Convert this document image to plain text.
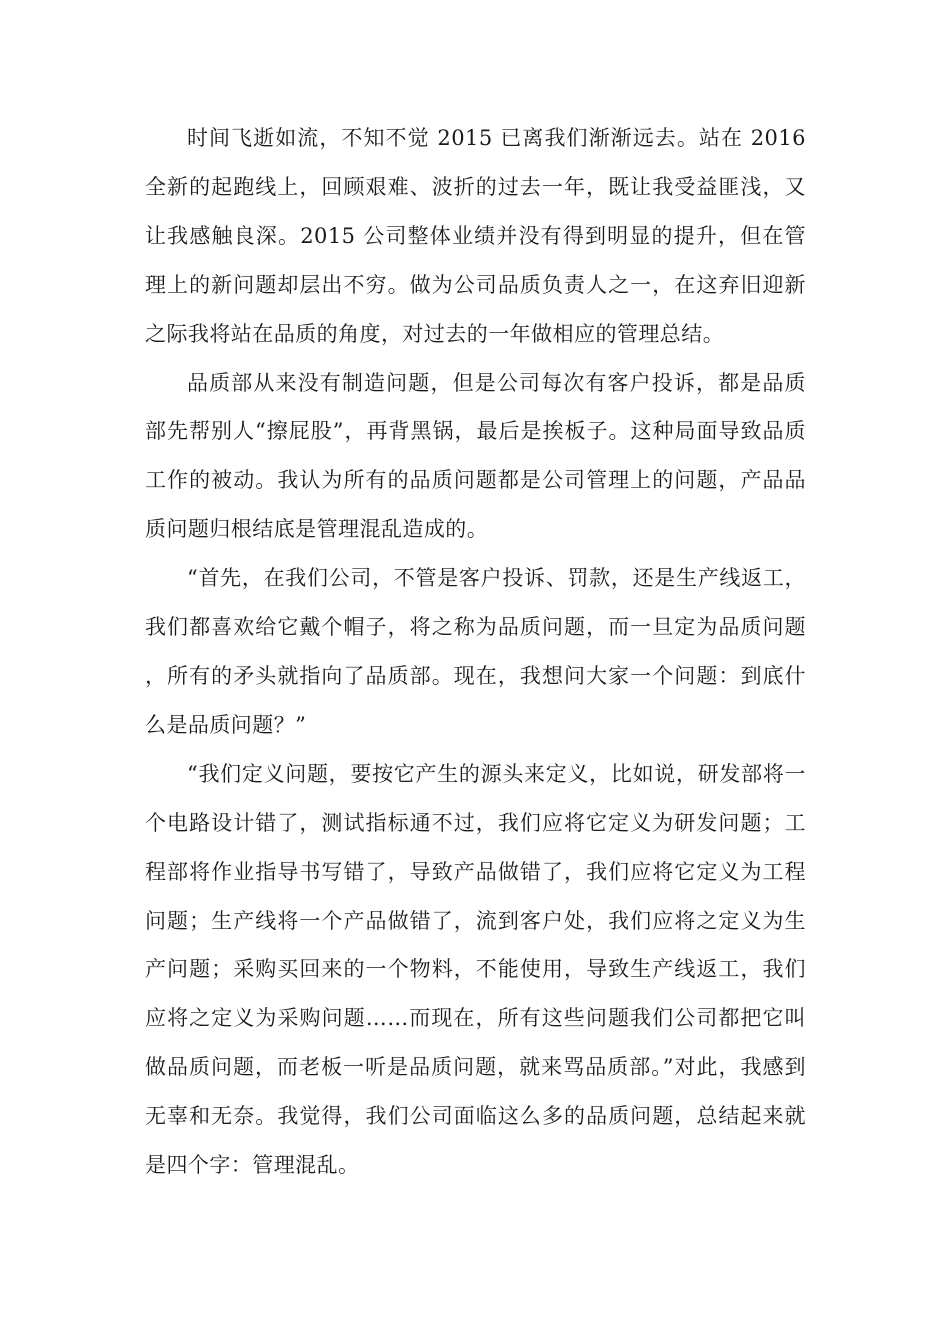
时间飞逝如流，不知不觉 2015 已离我们渐渐远去。站在 2016 全新的起跑线上，回顾艰难、波折的过去一年，既让我受益匪浅，又让我感触良深。2015 公司整体业绩并没有得到明显的提升，但在管理上的新问题却层出不穷。做为公司品质负责人之一，在这弃旧迎新之际我将站在品质的角度，对过去的一年做相应的管理总结。

品质部从来没有制造问题，但是公司每次有客户投诉，都是品质部先帮别人“擦屁股”，再背黑锅，最后是挨板子。这种局面导致品质工作的被动。我认为所有的品质问题都是公司管理上的问题，产品品质问题归根结底是管理混乱造成的。

“首先，在我们公司，不管是客户投诉、罚款，还是生产线返工，我们都喜欢给它戴个帽子，将之称为品质问题，而一旦定为品质问题，所有的矛头就指向了品质部。现在，我想问大家一个问题：到底什么是品质问题？”

“我们定义问题，要按它产生的源头来定义，比如说，研发部将一个电路设计错了，测试指标通不过，我们应将它定义为研发问题；工程部将作业指导书写错了，导致产品做错了，我们应将它定义为工程问题；生产线将一个产品做错了，流到客户处，我们应将之定义为生产问题；采购买回来的一个物料，不能使用，导致生产线返工，我们应将之定义为采购问题……而现在，所有这些问题我们公司都把它叫做品质问题，而老板一听是品质问题，就来骂品质部。”对此，我感到无辜和无奈。我觉得，我们公司面临这么多的品质问题，总结起来就是四个字：管理混乱。
